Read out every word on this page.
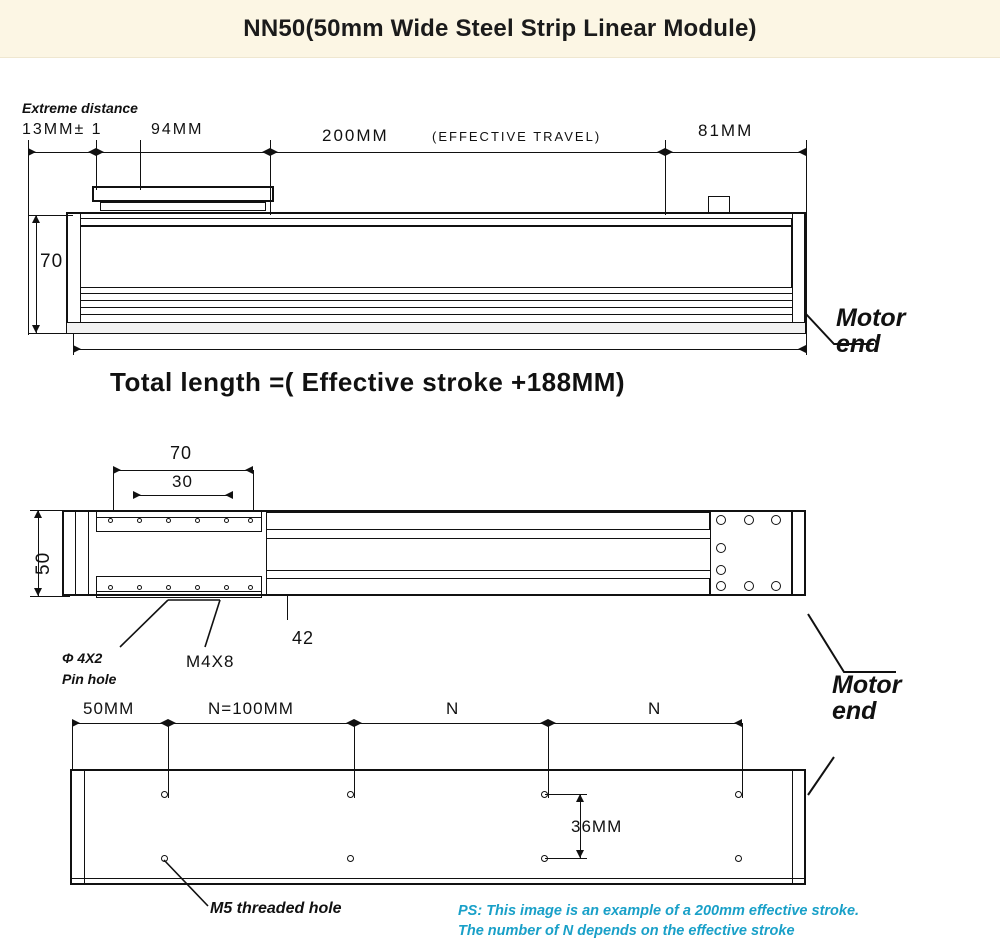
NN50(50mm Wide Steel Strip Linear Module)
Extreme distance
13MM± 1	94MM	200MM	(EFFECTIVE TRAVEL)	81MM
70
Motor
end
Total length =( Effective stroke +188MM)
70
30
50
42
Φ 4X2
Pin hole
M4X8
Motor
end
50MM	N=100MM	N	N
36MM
M5 threaded hole	PS: This image is an example of a 200mm effective stroke.
The number of N depends on the effective stroke
